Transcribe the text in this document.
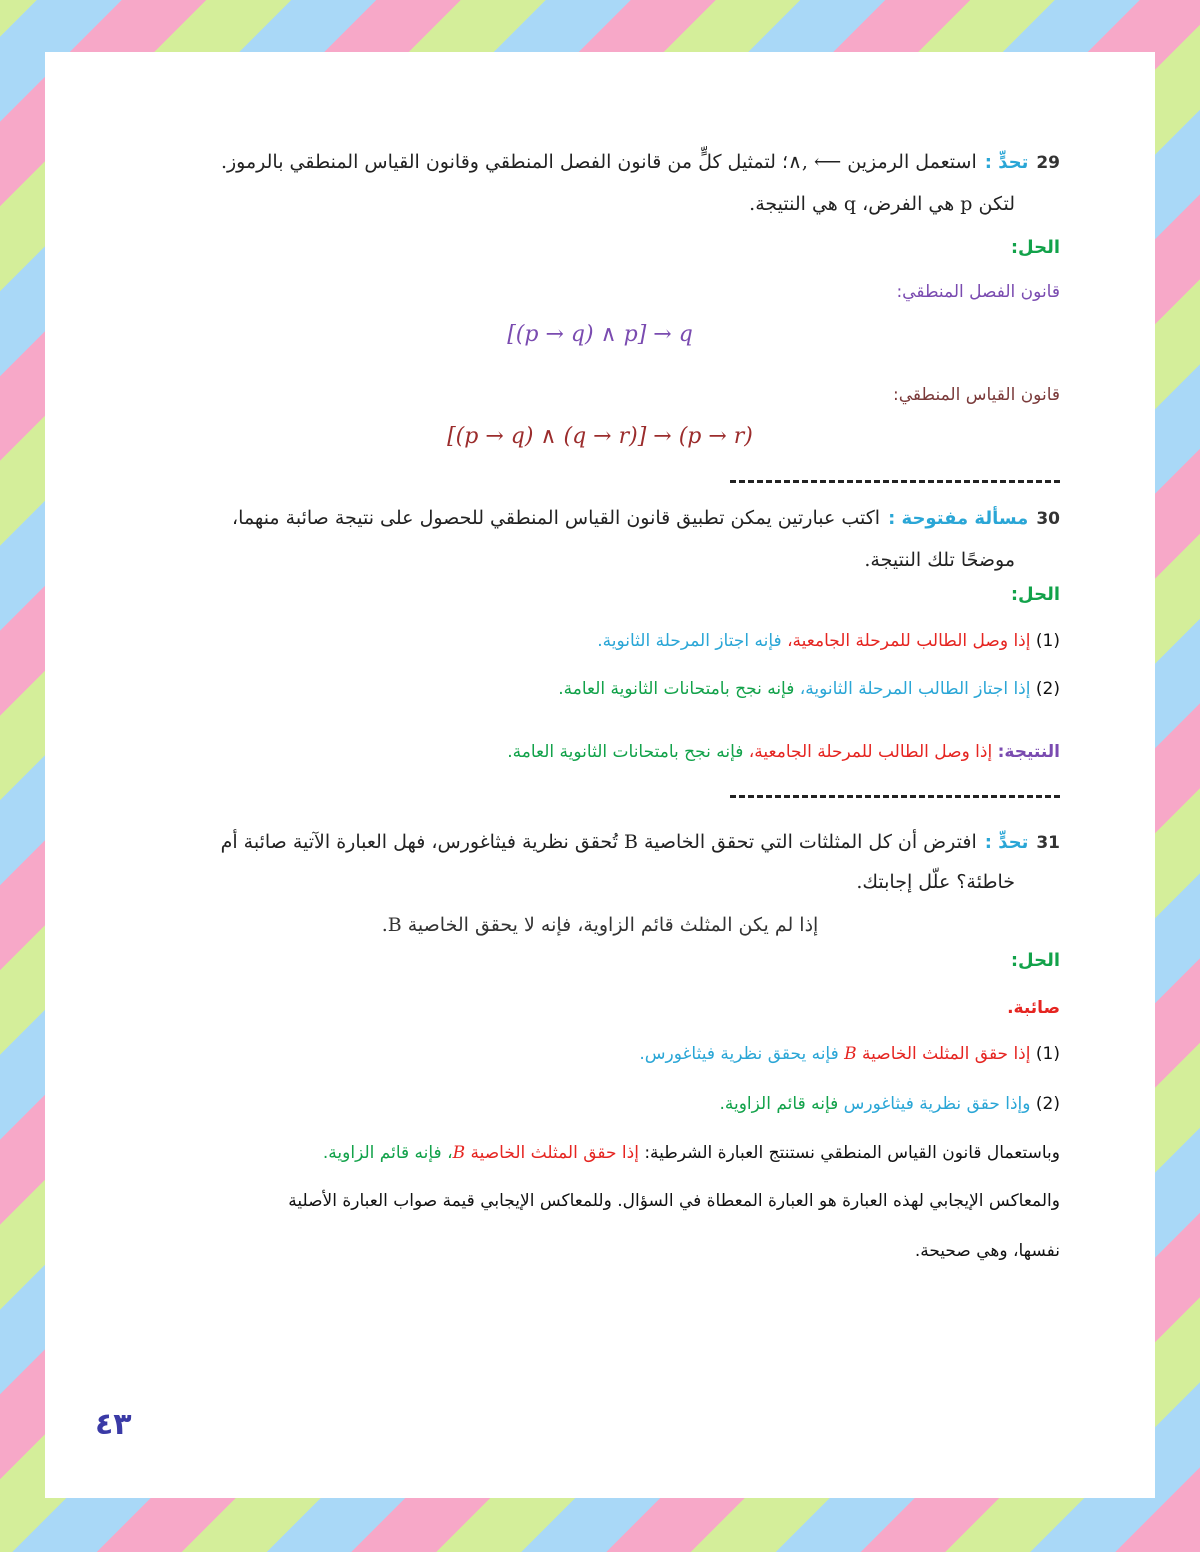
29تحدٍّ :استعمل الرمزين ⟵ ,∧؛ لتمثيل كلٍّ من قانون الفصل المنطقي وقانون القياس المنطقي بالرموز.
لتكن p هي الفرض، q هي النتيجة.
الحل:
قانون الفصل المنطقي:
[(p → q) ∧ p] → q
قانون القياس المنطقي:
[(p → q) ∧ (q → r)] → (p → r)
30مسألة مفتوحة :اكتب عبارتين يمكن تطبيق قانون القياس المنطقي للحصول على نتيجة صائبة منهما،
موضحًا تلك النتيجة.
الحل:
(1) إذا وصل الطالب للمرحلة الجامعية، فإنه اجتاز المرحلة الثانوية.
(2) إذا اجتاز الطالب المرحلة الثانوية، فإنه نجح بامتحانات الثانوية العامة.
النتيجة: إذا وصل الطالب للمرحلة الجامعية، فإنه نجح بامتحانات الثانوية العامة.
31تحدٍّ :افترض أن كل المثلثات التي تحقق الخاصية B تُحقق نظرية فيثاغورس، فهل العبارة الآتية صائبة أم
خاطئة؟ علّل إجابتك.
إذا لم يكن المثلث قائم الزاوية، فإنه لا يحقق الخاصية B.
الحل:
صائبة.
(1) إذا حقق المثلث الخاصية B فإنه يحقق نظرية فيثاغورس.
(2) وإذا حقق نظرية فيثاغورس فإنه قائم الزاوية.
وباستعمال قانون القياس المنطقي نستنتج العبارة الشرطية: إذا حقق المثلث الخاصية B، فإنه قائم الزاوية.
والمعاكس الإيجابي لهذه العبارة هو العبارة المعطاة في السؤال. وللمعاكس الإيجابي قيمة صواب العبارة الأصلية
نفسها، وهي صحيحة.
٤٣
